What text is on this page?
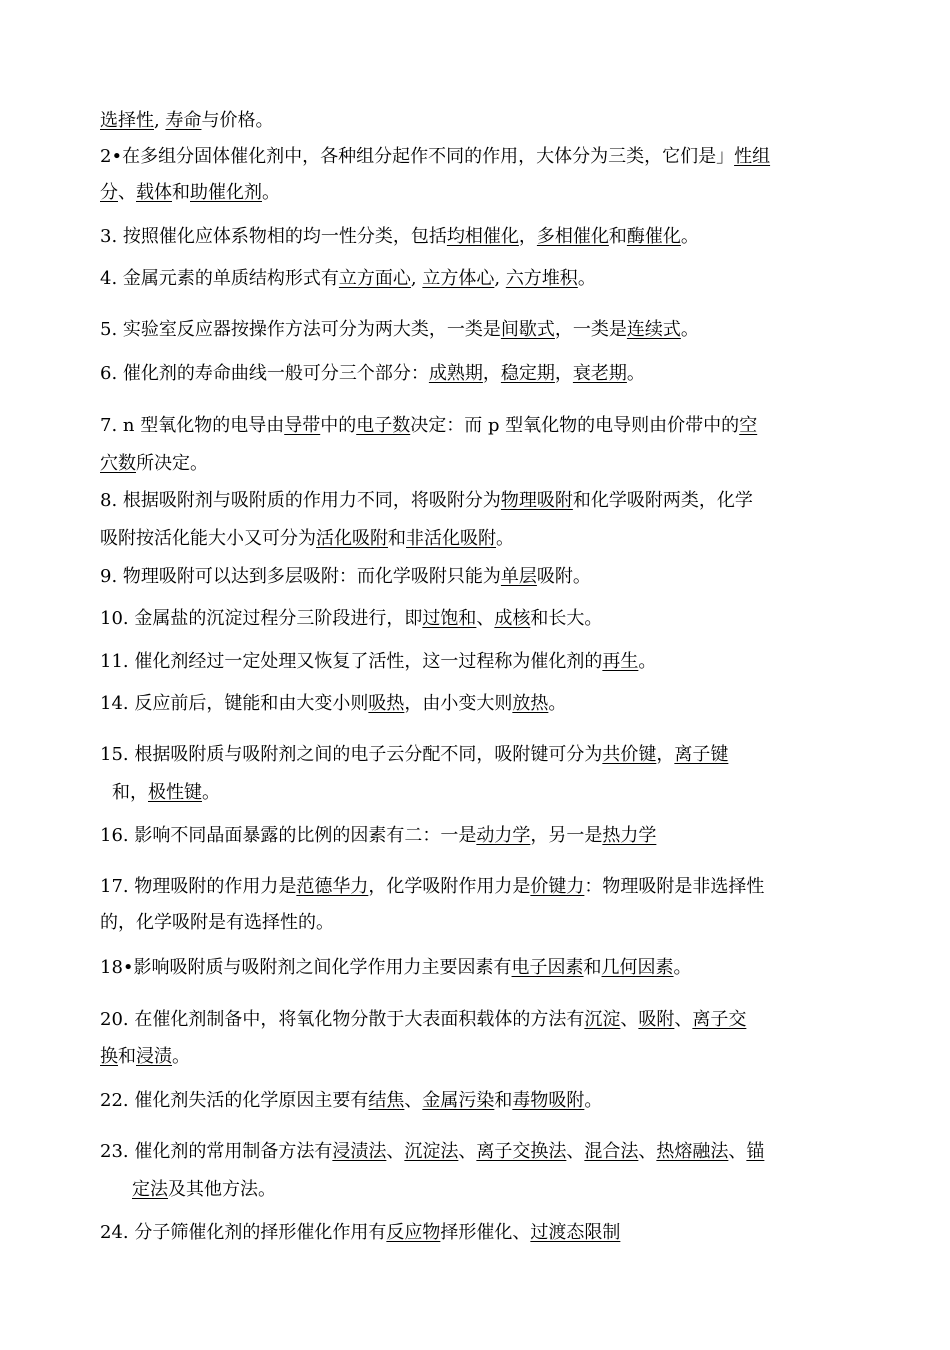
选择性, 寿命与价格。
2•在多组分固体催化剂中，各种组分起作不同的作用，大体分为三类，它们是」性组
分、载体和助催化剂。
3. 按照催化应体系物相的均一性分类，包括均相催化，多相催化和酶催化。
4. 金属元素的单质结构形式有立方面心, 立方体心, 六方堆积。
5. 实验室反应器按操作方法可分为两大类，一类是间歇式，一类是连续式。
6. 催化剂的寿命曲线一般可分三个部分：成熟期，稳定期，衰老期。
7. n 型氧化物的电导由导带中的电子数决定：而 p 型氧化物的电导则由价带中的空
穴数所决定。
8. 根据吸附剂与吸附质的作用力不同，将吸附分为物理吸附和化学吸附两类，化学
吸附按活化能大小又可分为活化吸附和非活化吸附。
9. 物理吸附可以达到多层吸附：而化学吸附只能为单层吸附。
10. 金属盐的沉淀过程分三阶段进行，即过饱和、成核和长大。
11. 催化剂经过一定处理又恢复了活性，这一过程称为催化剂的再生。
14. 反应前后，键能和由大变小则吸热，由小变大则放热。
15. 根据吸附质与吸附剂之间的电子云分配不同，吸附键可分为共价键，离子键
和，极性键。
16. 影响不同晶面暴露的比例的因素有二：一是动力学，另一是热力学
17. 物理吸附的作用力是范德华力，化学吸附作用力是价键力：物理吸附是非选择性
的，化学吸附是有选择性的。
18•影响吸附质与吸附剂之间化学作用力主要因素有电子因素和几何因素。
20. 在催化剂制备中，将氧化物分散于大表面积载体的方法有沉淀、吸附、离子交
换和浸渍。
22. 催化剂失活的化学原因主要有结焦、金属污染和毒物吸附。
23. 催化剂的常用制备方法有浸渍法、沉淀法、离子交换法、混合法、热熔融法、锚
定法及其他方法。
24. 分子筛催化剂的择形催化作用有反应物择形催化、过渡态限制
